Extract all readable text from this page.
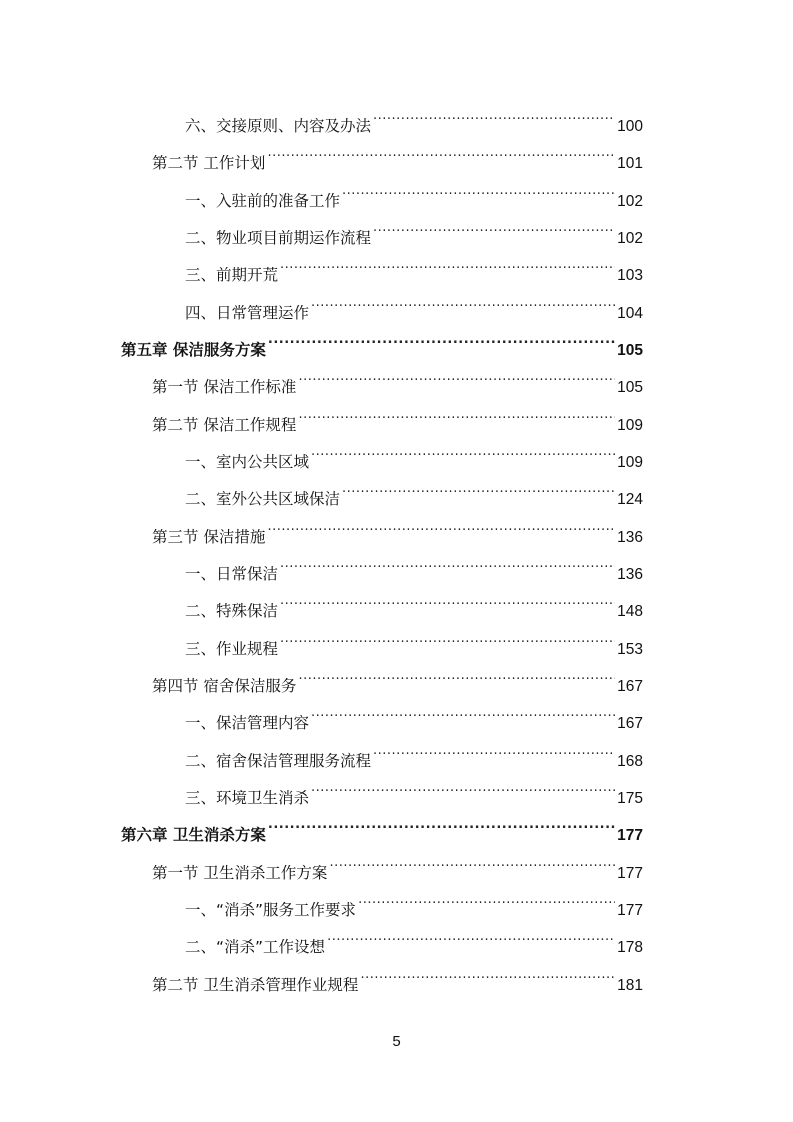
六、交接原则、内容及办法 .....	100
第二节 工作计划 .....	101
一、入驻前的准备工作 .....	102
二、物业项目前期运作流程 .....	102
三、前期开荒 .....	103
四、日常管理运作 .....	104
第五章 保洁服务方案 .....	105
第一节 保洁工作标准 .....	105
第二节 保洁工作规程 .....	109
一、室内公共区域 .....	109
二、室外公共区域保洁 .....	124
第三节 保洁措施 .....	136
一、日常保洁 .....	136
二、特殊保洁 .....	148
三、作业规程 .....	153
第四节 宿舍保洁服务 .....	167
一、保洁管理内容 .....	167
二、宿舍保洁管理服务流程 .....	168
三、环境卫生消杀 .....	175
第六章 卫生消杀方案 .....	177
第一节 卫生消杀工作方案 .....	177
一、“消杀”服务工作要求 .....	177
二、“消杀”工作设想 .....	178
第二节 卫生消杀管理作业规程 .....	181
5
